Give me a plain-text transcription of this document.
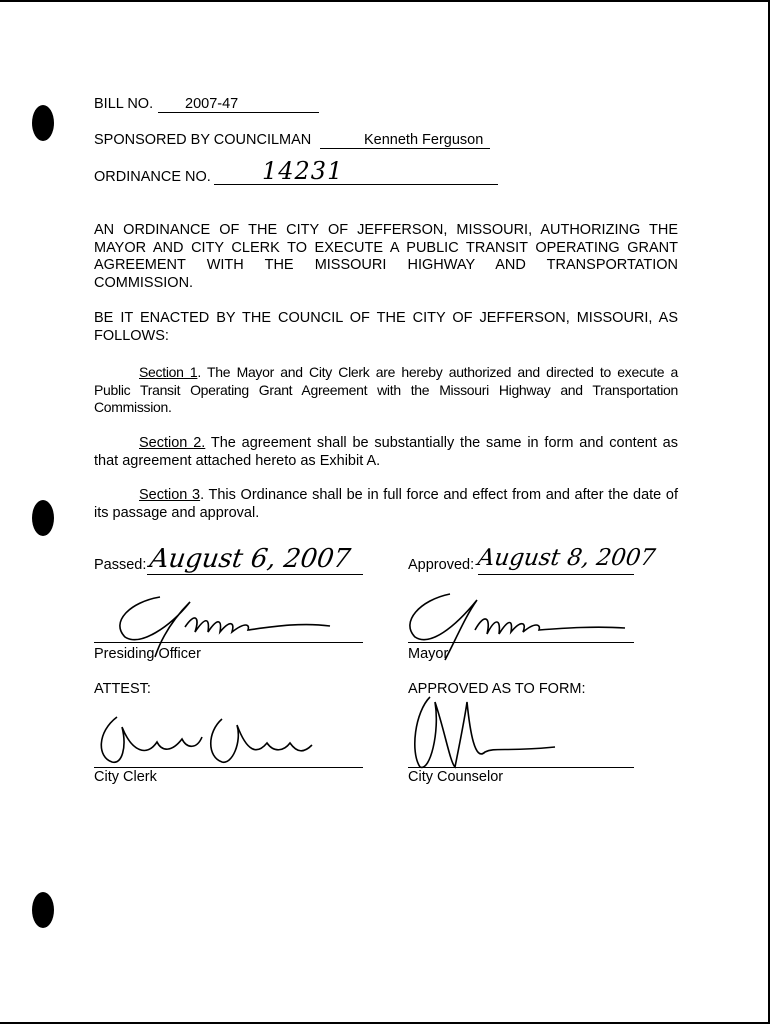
BILL NO. 2007-47
SPONSORED BY COUNCILMAN	Kenneth Ferguson
ORDINANCE NO. 14231
AN ORDINANCE OF THE CITY OF JEFFERSON, MISSOURI, AUTHORIZING THE MAYOR AND CITY CLERK TO EXECUTE A PUBLIC TRANSIT OPERATING GRANT AGREEMENT WITH THE MISSOURI HIGHWAY AND TRANSPORTATION COMMISSION.
BE IT ENACTED BY THE COUNCIL OF THE CITY OF JEFFERSON, MISSOURI, AS FOLLOWS:
Section 1. The Mayor and City Clerk are hereby authorized and directed to execute a Public Transit Operating Grant Agreement with the Missouri Highway and Transportation Commission.
Section 2. The agreement shall be substantially the same in form and content as that agreement attached hereto as Exhibit A.
Section 3. This Ordinance shall be in full force and effect from and after the date of its passage and approval.
Passed: August 6, 2007	Approved: August 8, 2007
Presiding Officer	Mayor
ATTEST:	APPROVED AS TO FORM:
City Clerk	City Counselor
